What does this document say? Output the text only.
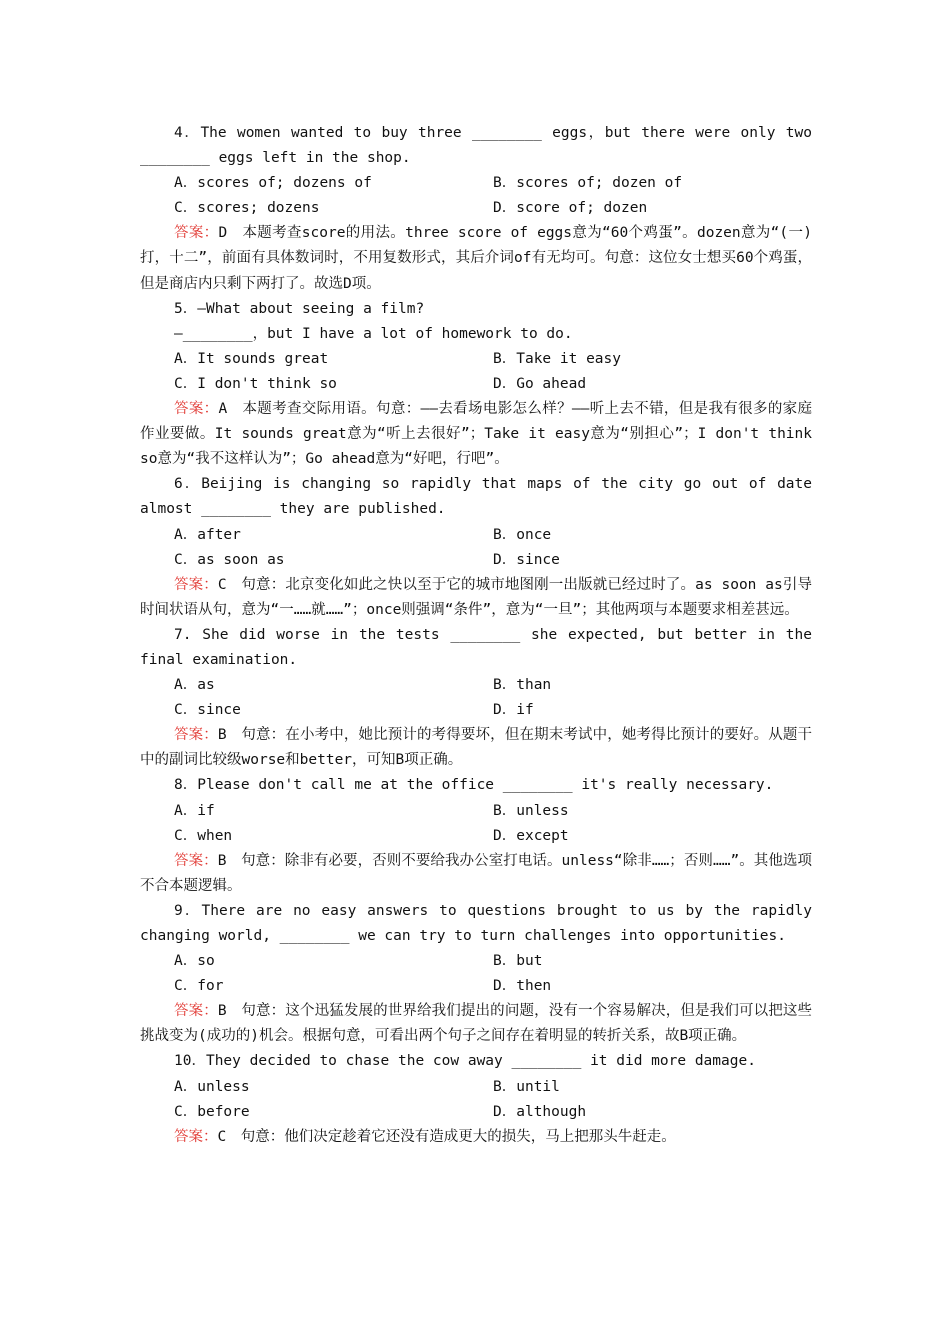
4．The women wanted to buy three ________ eggs，but there were only two ________ eggs left in the shop.

A．scores of; dozens of	B．scores of; dozen of
C．scores; dozens	D．score of; dozen

答案：D　本题考查score的用法。three score of eggs意为“60个鸡蛋”。dozen意为“(一)打，十二”，前面有具体数词时，不用复数形式，其后介词of有无均可。句意：这位女士想买60个鸡蛋，但是商店内只剩下两打了。故选D项。

5．—What about seeing a film?

—________，but I have a lot of homework to do.

A．It sounds great	B．Take it easy
C．I don't think so	D．Go ahead

答案：A　本题考查交际用语。句意：——去看场电影怎么样？——听上去不错，但是我有很多的家庭作业要做。It sounds great意为“听上去很好”；Take it easy意为“别担心”；I don't think so意为“我不这样认为”；Go ahead意为“好吧，行吧”。

6．Beijing is changing so rapidly that maps of the city go out of date almost ________ they are published.

A．after	B．once
C．as soon as	D．since

答案：C　句意：北京变化如此之快以至于它的城市地图刚一出版就已经过时了。as soon as引导时间状语从句，意为“一……就……”；once则强调“条件”，意为“一旦”；其他两项与本题要求相差甚远。

7. She did worse in the tests ________ she expected, but better in the final examination.

A．as	B．than
C．since	D．if

答案：B　句意：在小考中，她比预计的考得要坏，但在期末考试中，她考得比预计的要好。从题干中的副词比较级worse和better，可知B项正确。

8．Please don't call me at the office ________ it's really necessary.

A．if	B．unless
C．when	D．except

答案：B　句意：除非有必要，否则不要给我办公室打电话。unless“除非……；否则……”。其他选项不合本题逻辑。

9．There are no easy answers to questions brought to us by the rapidly changing world, ________ we can try to turn challenges into opportunities.

A．so	B．but
C．for	D．then

答案：B　句意：这个迅猛发展的世界给我们提出的问题，没有一个容易解决，但是我们可以把这些挑战变为(成功的)机会。根据句意，可看出两个句子之间存在着明显的转折关系，故B项正确。

10．They decided to chase the cow away ________ it did more damage.

A．unless	B．until
C．before	D．although

答案：C　句意：他们决定趁着它还没有造成更大的损失，马上把那头牛赶走。
